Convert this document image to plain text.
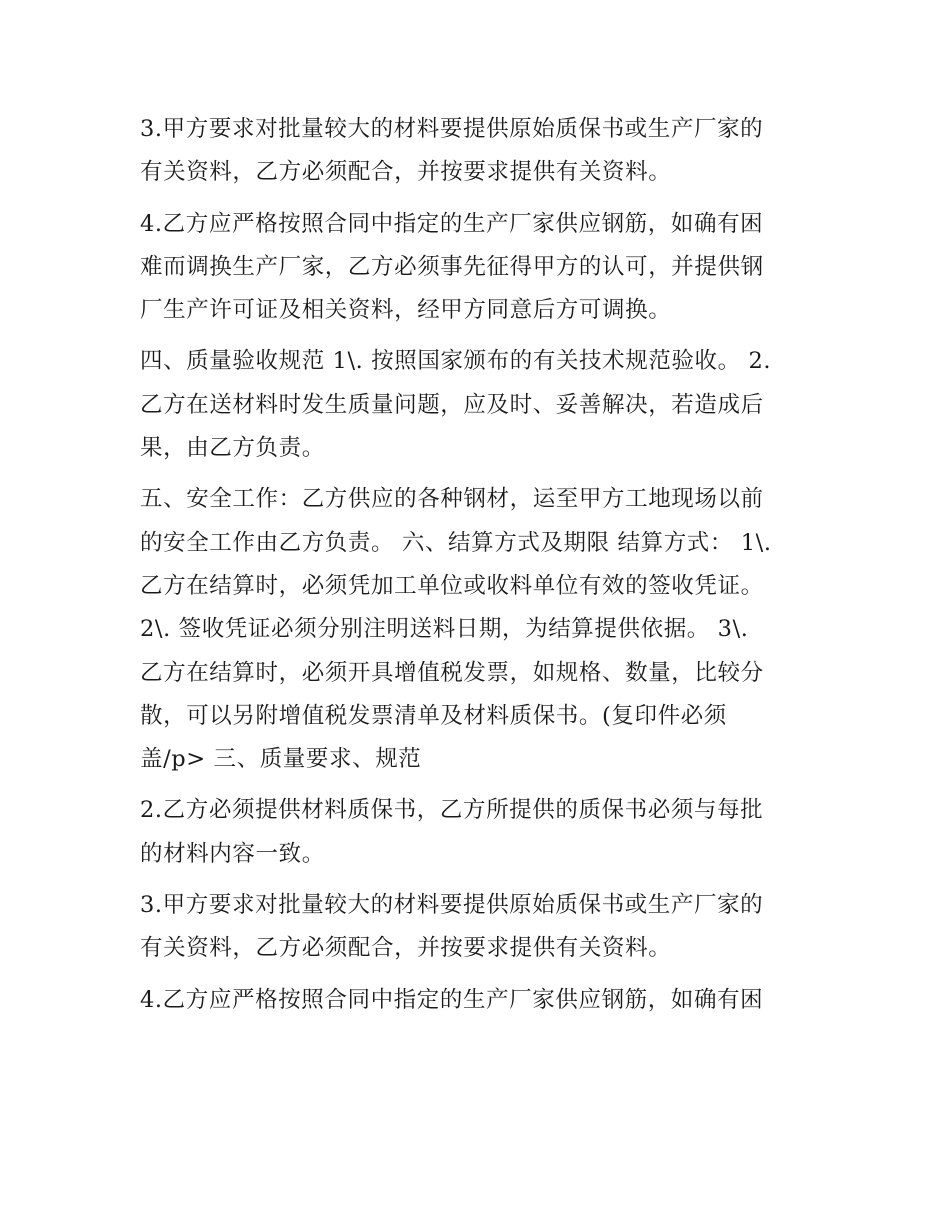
3.甲方要求对批量较大的材料要提供原始质保书或生产厂家的
有关资料，乙方必须配合，并按要求提供有关资料。

4.乙方应严格按照合同中指定的生产厂家供应钢筋，如确有困
难而调换生产厂家，乙方必须事先征得甲方的认可，并提供钢
厂生产许可证及相关资料，经甲方同意后方可调换。

四、质量验收规范 1\. 按照国家颁布的有关技术规范验收。 2.
乙方在送材料时发生质量问题，应及时、妥善解决，若造成后
果，由乙方负责。

五、安全工作：乙方供应的各种钢材，运至甲方工地现场以前
的安全工作由乙方负责。 六、结算方式及期限 结算方式： 1\.
乙方在结算时，必须凭加工单位或收料单位有效的签收凭证。
2\. 签收凭证必须分别注明送料日期，为结算提供依据。 3\.
乙方在结算时，必须开具增值税发票，如规格、数量，比较分
散，可以另附增值税发票清单及材料质保书。(复印件必须
盖/p> 三、质量要求、规范

2.乙方必须提供材料质保书，乙方所提供的质保书必须与每批
的材料内容一致。

3.甲方要求对批量较大的材料要提供原始质保书或生产厂家的
有关资料，乙方必须配合，并按要求提供有关资料。

4.乙方应严格按照合同中指定的生产厂家供应钢筋，如确有困
